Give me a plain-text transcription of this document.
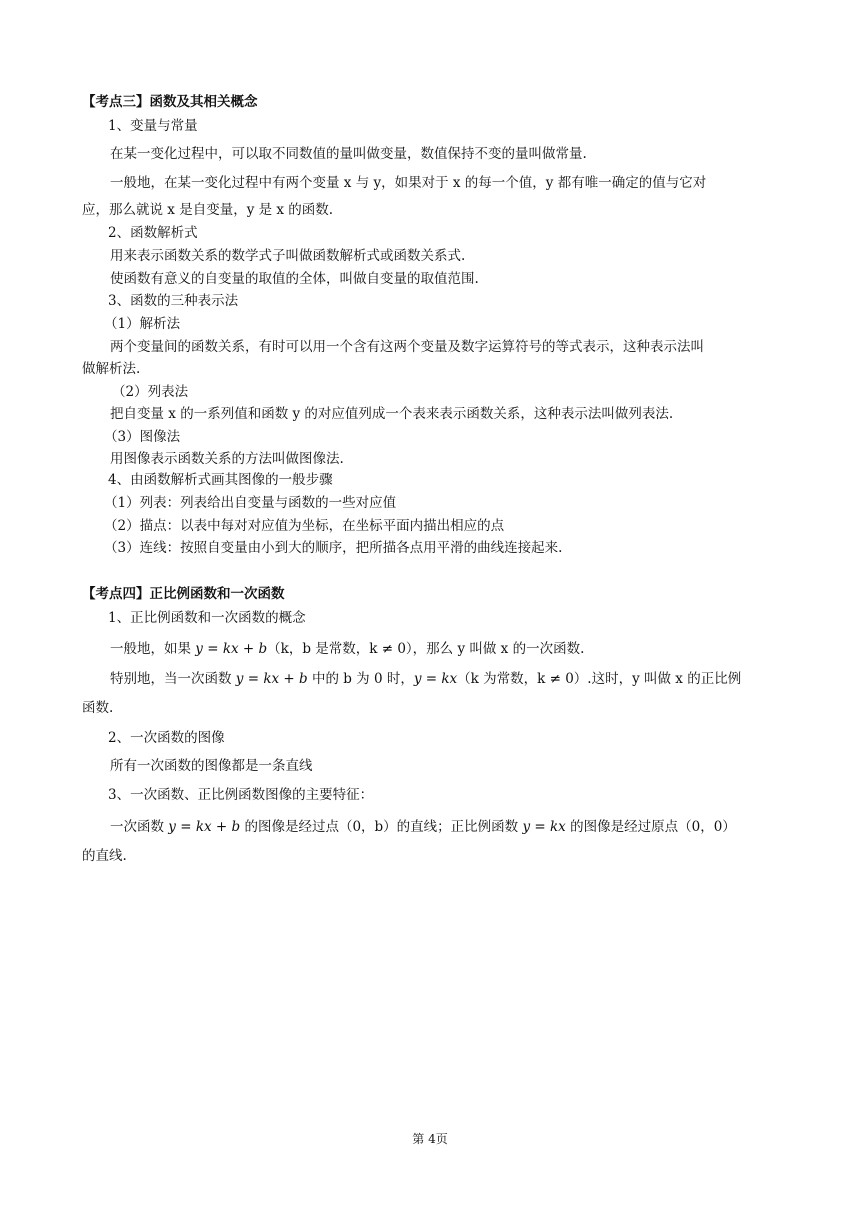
【考点三】函数及其相关概念
1、变量与常量
在某一变化过程中，可以取不同数值的量叫做变量，数值保持不变的量叫做常量.
一般地，在某一变化过程中有两个变量 x 与 y，如果对于 x 的每一个值，y 都有唯一确定的值与它对
应，那么就说 x 是自变量，y 是 x 的函数.
2、函数解析式
用来表示函数关系的数学式子叫做函数解析式或函数关系式.
使函数有意义的自变量的取值的全体，叫做自变量的取值范围.
3、函数的三种表示法
（1）解析法
两个变量间的函数关系，有时可以用一个含有这两个变量及数字运算符号的等式表示，这种表示法叫
做解析法.
（2）列表法
把自变量 x 的一系列值和函数 y 的对应值列成一个表来表示函数关系，这种表示法叫做列表法.
（3）图像法
用图像表示函数关系的方法叫做图像法.
4、由函数解析式画其图像的一般步骤
（1）列表：列表给出自变量与函数的一些对应值
（2）描点：以表中每对对应值为坐标，在坐标平面内描出相应的点
（3）连线：按照自变量由小到大的顺序，把所描各点用平滑的曲线连接起来.
【考点四】正比例函数和一次函数
1、正比例函数和一次函数的概念
一般地，如果 y = kx + b（k，b 是常数，k ≠ 0），那么 y 叫做 x 的一次函数.
特别地，当一次函数 y = kx + b 中的 b 为 0 时，y = kx（k 为常数，k ≠ 0）.这时，y 叫做 x 的正比例
函数.
2、一次函数的图像
所有一次函数的图像都是一条直线
3、一次函数、正比例函数图像的主要特征：
一次函数 y = kx + b 的图像是经过点（0，b）的直线；正比例函数 y = kx 的图像是经过原点（0，0）
的直线.
第 4页
